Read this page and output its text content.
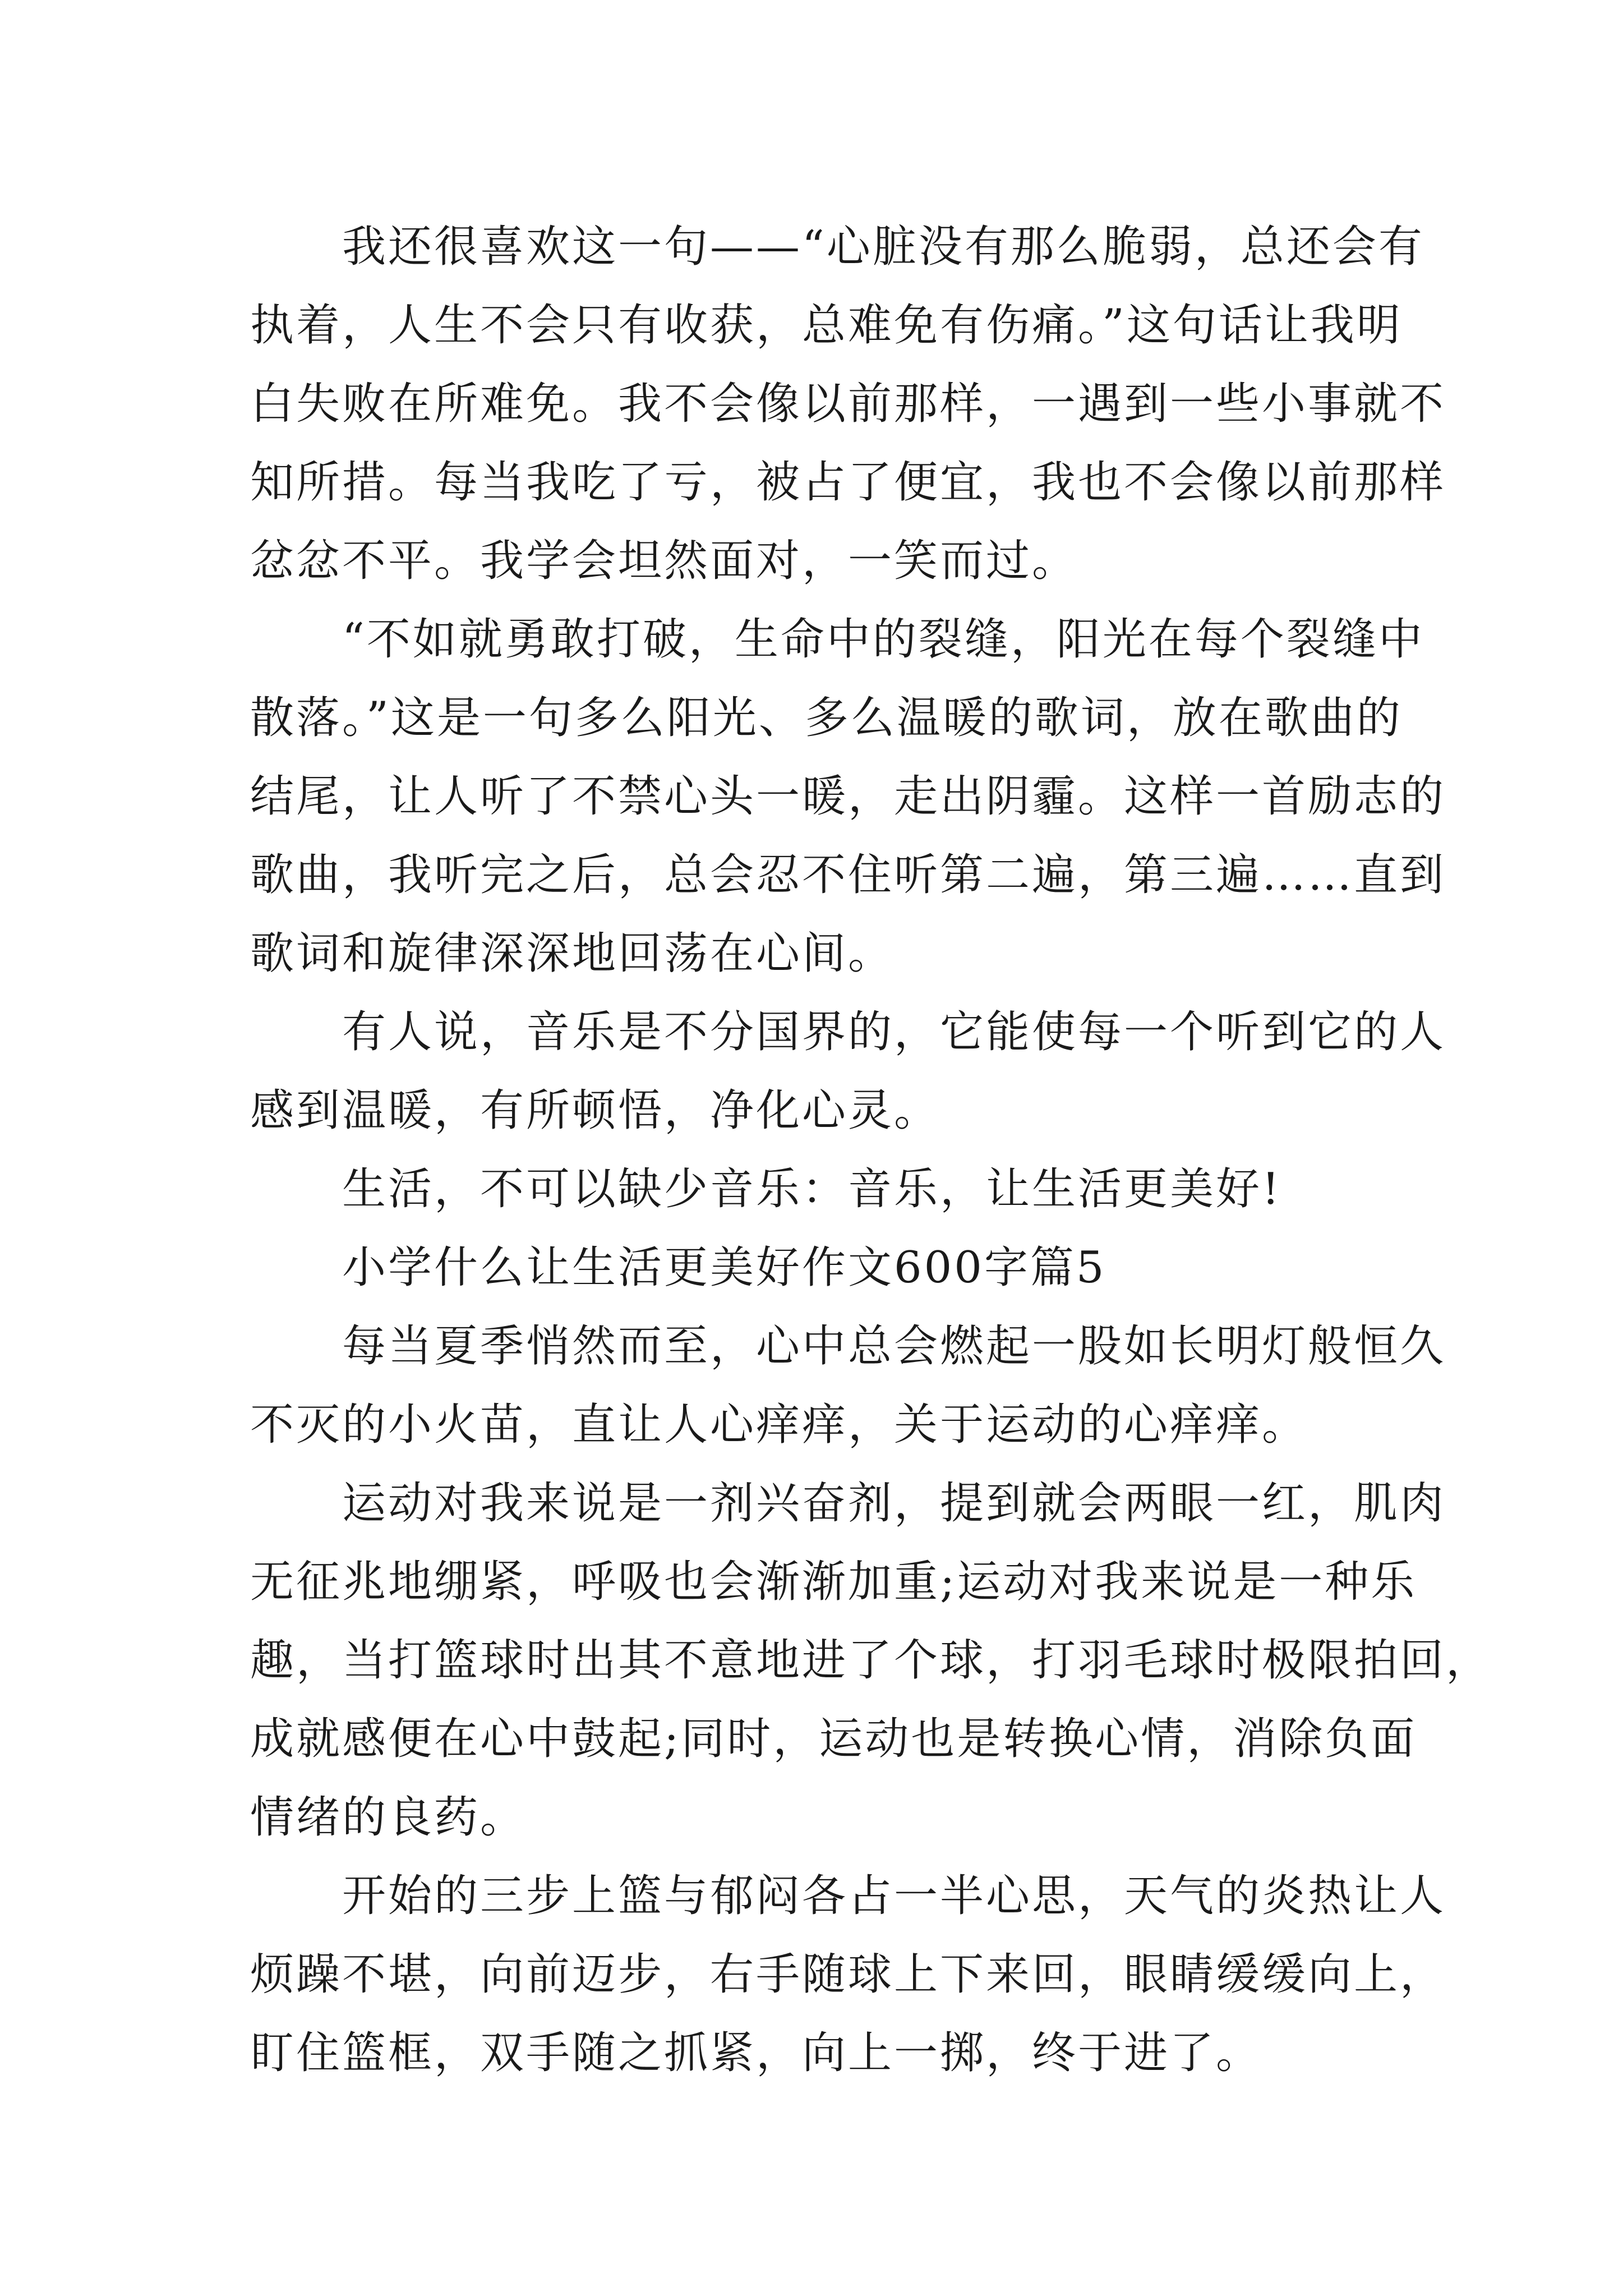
　　我还很喜欢这一句——“心脏没有那么脆弱，总还会有
执着，人生不会只有收获，总难免有伤痛。”这句话让我明
白失败在所难免。我不会像以前那样，一遇到一些小事就不
知所措。每当我吃了亏，被占了便宜，我也不会像以前那样
忿忿不平。我学会坦然面对，一笑而过。
　　“不如就勇敢打破，生命中的裂缝，阳光在每个裂缝中
散落。”这是一句多么阳光、多么温暖的歌词，放在歌曲的
结尾，让人听了不禁心头一暖，走出阴霾。这样一首励志的
歌曲，我听完之后，总会忍不住听第二遍，第三遍……直到
歌词和旋律深深地回荡在心间。
　　有人说，音乐是不分国界的，它能使每一个听到它的人
感到温暖，有所顿悟，净化心灵。
　　生活，不可以缺少音乐：音乐，让生活更美好!
　　小学什么让生活更美好作文600字篇5
　　每当夏季悄然而至，心中总会燃起一股如长明灯般恒久
不灭的小火苗，直让人心痒痒，关于运动的心痒痒。
　　运动对我来说是一剂兴奋剂，提到就会两眼一红，肌肉
无征兆地绷紧，呼吸也会渐渐加重;运动对我来说是一种乐
趣，当打篮球时出其不意地进了个球，打羽毛球时极限拍回，
成就感便在心中鼓起;同时，运动也是转换心情，消除负面
情绪的良药。
　　开始的三步上篮与郁闷各占一半心思，天气的炎热让人
烦躁不堪，向前迈步，右手随球上下来回，眼睛缓缓向上，
盯住篮框，双手随之抓紧，向上一掷，终于进了。
